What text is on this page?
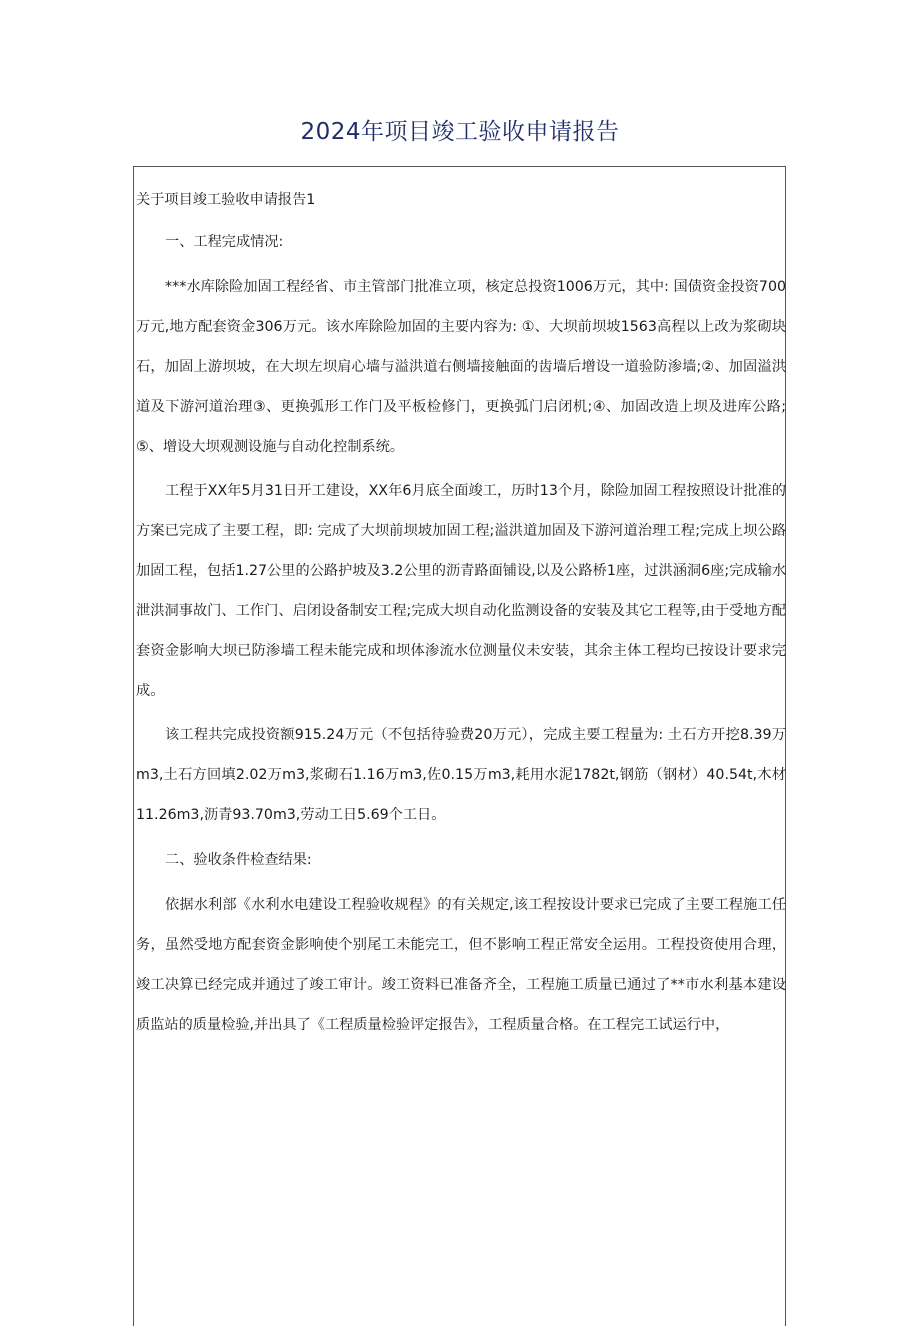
2024年项目竣工验收申请报告

关于项目竣工验收申请报告1

一、工程完成情况:

***水库除险加固工程经省、市主管部门批准立项，核定总投资1006万元，其中: 国债资金投资700万元,地方配套资金306万元。该水库除险加固的主要内容为: ①、大坝前坝坡1563高程以上改为浆砌块石，加固上游坝坡，在大坝左坝肩心墙与溢洪道右侧墙接触面的齿墙后增设一道验防渗墙;②、加固溢洪道及下游河道治理③、更换弧形工作门及平板检修门，更换弧门启闭机;④、加固改造上坝及进库公路;⑤、增设大坝观测设施与自动化控制系统。

工程于XX年5月31日开工建设，XX年6月底全面竣工，历时13个月，除险加固工程按照设计批准的方案已完成了主要工程，即: 完成了大坝前坝坡加固工程;溢洪道加固及下游河道治理工程;完成上坝公路加固工程，包括1.27公里的公路护坡及3.2公里的沥青路面铺设,以及公路桥1座，过洪涵洞6座;完成输水泄洪洞事故门、工作门、启闭设备制安工程;完成大坝自动化监测设备的安装及其它工程等,由于受地方配套资金影响大坝已防渗墙工程未能完成和坝体渗流水位测量仪未安装，其余主体工程均已按设计要求完成。

该工程共完成投资额915.24万元（不包括待验费20万元），完成主要工程量为: 土石方开挖8.39万m3,土石方回填2.02万m3,浆砌石1.16万m3,佐0.15万m3,耗用水泥1782t,钢筋（钢材）40.54t,木材11.26m3,沥青93.70m3,劳动工日5.69个工日。

二、验收条件检查结果:

依据水利部《水利水电建设工程验收规程》的有关规定,该工程按设计要求已完成了主要工程施工任务，虽然受地方配套资金影响使个别尾工未能完工，但不影响工程正常安全运用。工程投资使用合理，竣工决算已经完成并通过了竣工审计。竣工资料已准备齐全，工程施工质量已通过了**市水利基本建设质监站的质量检验,并出具了《工程质量检验评定报告》，工程质量合格。在工程完工试运行中，
